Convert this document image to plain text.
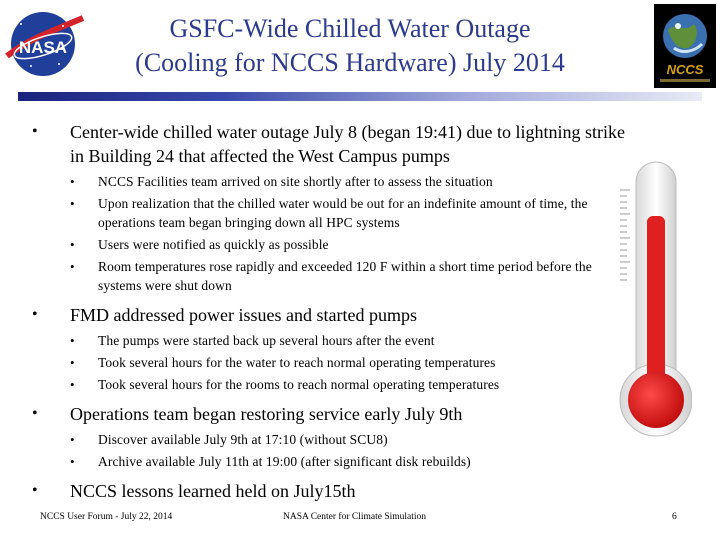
NASA
NCCS
GSFC-Wide Chilled Water Outage
(Cooling for NCCS Hardware) July 2014
• Center-wide chilled water outage July 8 (began 19:41) due to lightning strike in Building 24 that affected the West Campus pumps
• NCCS Facilities team arrived on site shortly after to assess the situation
• Upon realization that the chilled water would be out for an indefinite amount of time, the operations team began bringing down all HPC systems
• Users were notified as quickly as possible
• Room temperatures rose rapidly and exceeded 120 F within a short time period before the systems were shut down
• FMD addressed power issues and started pumps
• The pumps were started back up several hours after the event
• Took several hours for the water to reach normal operating temperatures
• Took several hours for the rooms to reach normal operating temperatures
• Operations team began restoring service early July 9th
• Discover available July 9th at 17:10 (without SCU8)
• Archive available July 11th at 19:00 (after significant disk rebuilds)
• NCCS lessons learned held on July15th
NCCS User Forum - July 22, 2014	NASA Center for Climate Simulation	6
